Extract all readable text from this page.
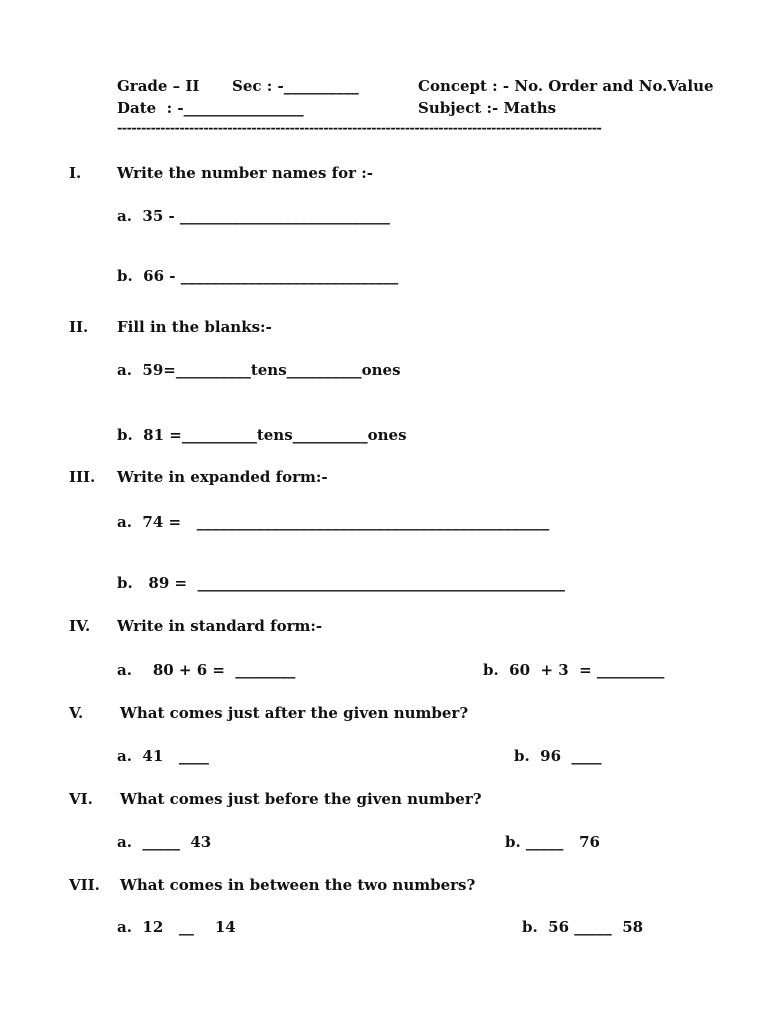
Grade – II Sec : -__________	Concept : - No. Order and No.Value
Date  : -________________	Subject :- Maths
-----------------------------------------------------------------------------------------------------
I. Write the number names for :-
a.  35 - ____________________________
b.  66 - _____________________________
II. Fill in the blanks:-
a.  59=__________tens__________ones
b.  81 =__________tens__________ones
III. Write in expanded form:-
a.  74 =   _______________________________________________
b.   89 =  _________________________________________________
IV. Write in standard form:-
a.    80 + 6 =  ________	b.  60  + 3  = _________
V. What comes just after the given number?
a.  41   ____	b.  96  ____
VI. What comes just before the given number?
a.  _____  43	b. _____   76
VII. What comes in between the two numbers?
a.  12   __    14	b.  56 _____  58
